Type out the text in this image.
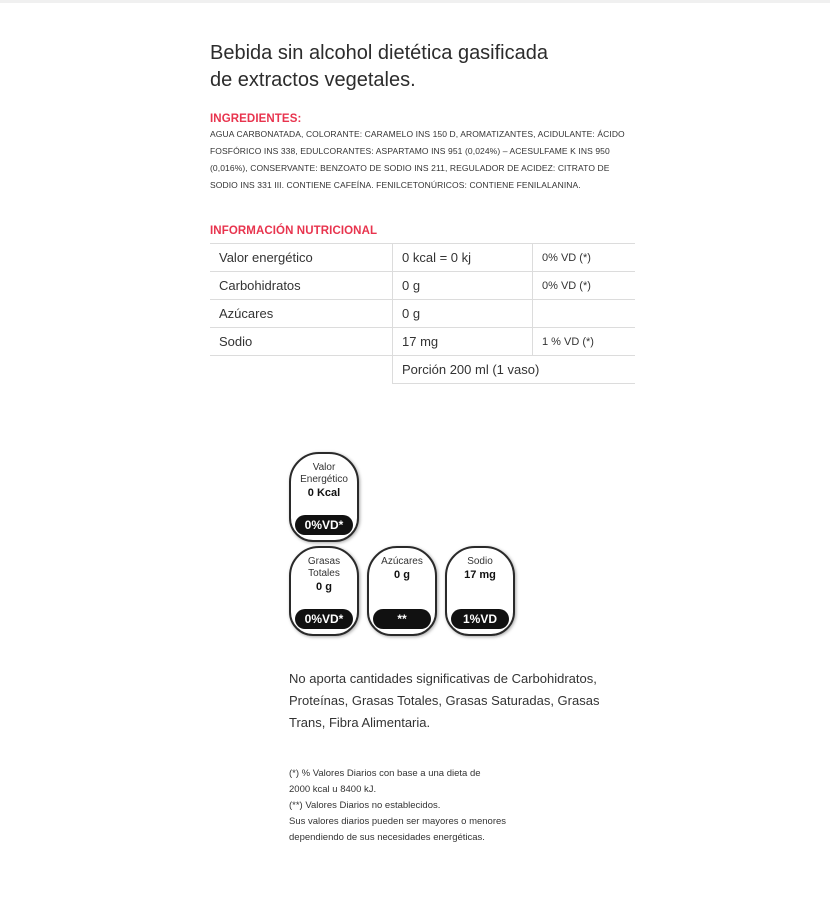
Bebida sin alcohol dietética gasificada
de extractos vegetales.
INGREDIENTES:
AGUA CARBONATADA, COLORANTE: CARAMELO INS 150 D, AROMATIZANTES, ACIDULANTE: ÁCIDO FOSFÓRICO INS 338, EDULCORANTES: ASPARTAMO INS 951 (0,024%) – ACESULFAME K INS 950 (0,016%), CONSERVANTE: BENZOATO DE SODIO INS 211, REGULADOR DE ACIDEZ: CITRATO DE SODIO INS 331 III. CONTIENE CAFEÍNA. FENILCETONÚRICOS: CONTIENE FENILALANINA.
INFORMACIÓN NUTRICIONAL
Valor energético	0 kcal = 0 kj	0% VD (*)
Carbohidratos	0 g	0% VD (*)
Azúcares	0 g	
Sodio	17 mg	1 % VD (*)
	Porción 200 ml (1 vaso)	
Valor
Energético
0 Kcal
0%VD*
Grasas
Totales
0 g
0%VD*
Azúcares
0 g
**
Sodio
17 mg
1%VD
No aporta cantidades significativas de Carbohidratos, Proteínas, Grasas Totales, Grasas Saturadas, Grasas Trans, Fibra Alimentaria.
(*) % Valores Diarios con base a una dieta de
2000 kcal u 8400 kJ.
(**) Valores Diarios no establecidos.
Sus valores diarios pueden ser mayores o menores
dependiendo de sus necesidades energéticas.
